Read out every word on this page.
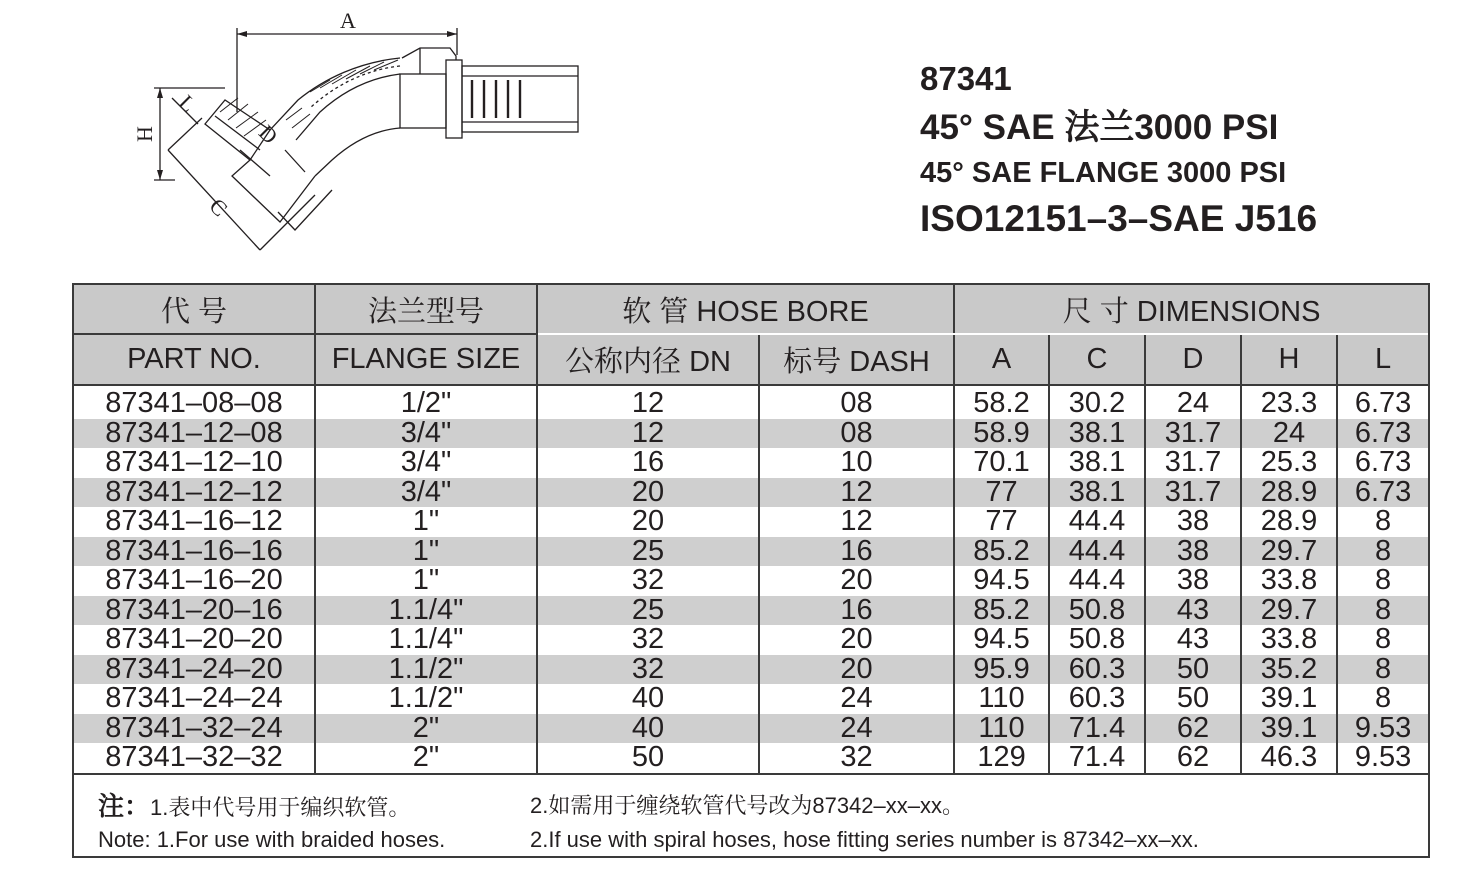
A
H
L
C
D
87341
45° SAE 法兰3000 PSI
45° SAE FLANGE 3000 PSI
ISO12151–3–SAE J516
代 号	法兰型号	软 管 HOSE BORE		尺 寸 DIMENSIONS				
PART NO.	FLANGE SIZE	公称内径 DN	标号 DASH	A	C	D	H	L
87341–08–08	1/2"	12	08	58.2	30.2	24	23.3	6.73
87341–12–08	3/4"	12	08	58.9	38.1	31.7	24	6.73
87341–12–10	3/4"	16	10	70.1	38.1	31.7	25.3	6.73
87341–12–12	3/4"	20	12	77	38.1	31.7	28.9	6.73
87341–16–12	1"	20	12	77	44.4	38	28.9	8
87341–16–16	1"	25	16	85.2	44.4	38	29.7	8
87341–16–20	1"	32	20	94.5	44.4	38	33.8	8
87341–20–16	1.1/4"	25	16	85.2	50.8	43	29.7	8
87341–20–20	1.1/4"	32	20	94.5	50.8	43	33.8	8
87341–24–20	1.1/2"	32	20	95.9	60.3	50	35.2	8
87341–24–24	1.1/2"	40	24	110	60.3	50	39.1	8
87341–32–24	2"	40	24	110	71.4	62	39.1	9.53
87341–32–32	2"	50	32	129	71.4	62	46.3	9.53
注：1.表中代号用于编织软管。	2.如需用于缠绕软管代号改为87342–xx–xx。
Note: 1.For use with braided hoses.	2.If use with spiral hoses, hose fitting series number is 87342–xx–xx.
